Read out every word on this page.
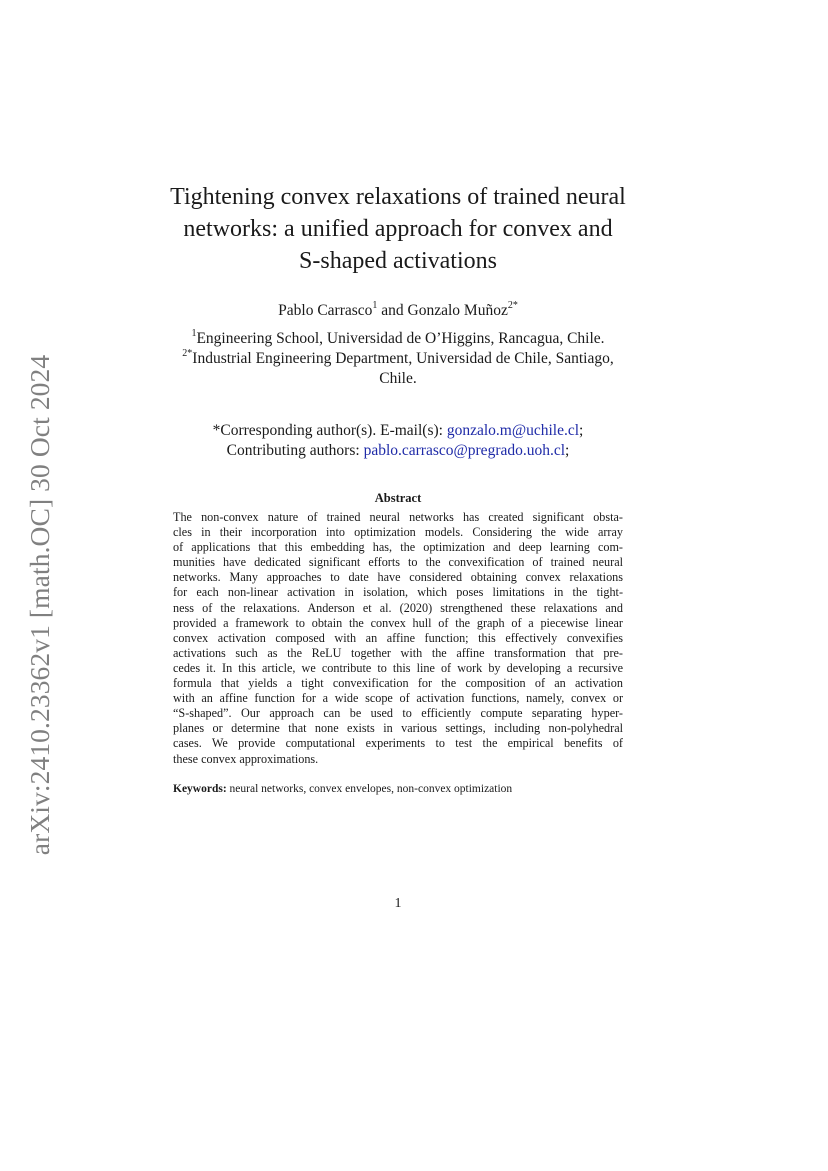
arXiv:2410.23362v1 [math.OC] 30 Oct 2024
Tightening convex relaxations of trained neural
networks: a unified approach for convex and
S-shaped activations
Pablo Carrasco$^1$ and Gonzalo Muñoz$^{2*}$
$^1$Engineering School, Universidad de O’Higgins, Rancagua, Chile.
$^{2*}$Industrial Engineering Department, Universidad de Chile, Santiago,
Chile.
*Corresponding author(s). E-mail(s): gonzalo.m@uchile.cl;
Contributing authors: pablo.carrasco@pregrado.uoh.cl;
Abstract
The non-convex nature of trained neural networks has created significant obsta-
cles in their incorporation into optimization models. Considering the wide array
of applications that this embedding has, the optimization and deep learning com-
munities have dedicated significant efforts to the convexification of trained neural
networks. Many approaches to date have considered obtaining convex relaxations
for each non-linear activation in isolation, which poses limitations in the tight-
ness of the relaxations. Anderson et al. (2020) strengthened these relaxations and
provided a framework to obtain the convex hull of the graph of a piecewise linear
convex activation composed with an affine function; this effectively convexifies
activations such as the ReLU together with the affine transformation that pre-
cedes it. In this article, we contribute to this line of work by developing a recursive
formula that yields a tight convexification for the composition of an activation
with an affine function for a wide scope of activation functions, namely, convex or
“S-shaped”. Our approach can be used to efficiently compute separating hyper-
planes or determine that none exists in various settings, including non-polyhedral
cases. We provide computational experiments to test the empirical benefits of
these convex approximations.
Keywords: neural networks, convex envelopes, non-convex optimization
1
